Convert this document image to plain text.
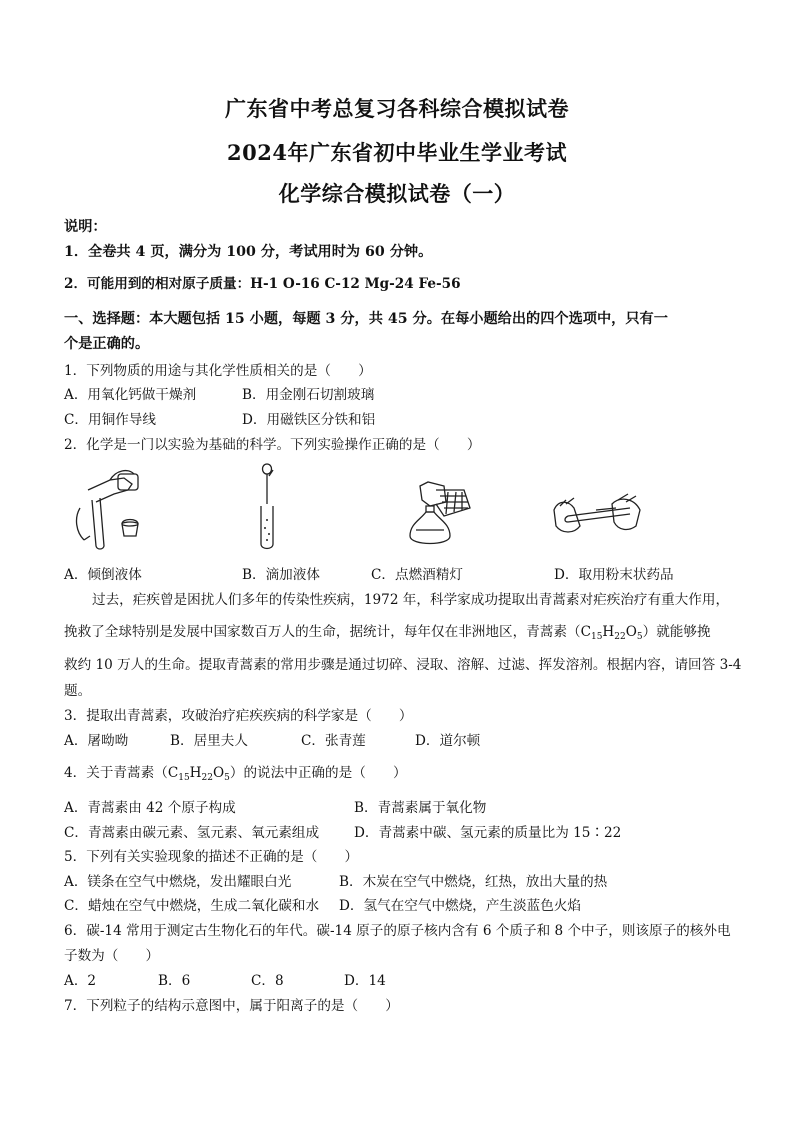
广东省中考总复习各科综合模拟试卷
2024年广东省初中毕业生学业考试
化学综合模拟试卷（一）
说明：
1．全卷共 4 页，满分为 100 分，考试用时为 60 分钟。
2．可能用到的相对原子质量：H-1 O-16 C-12 Mg-24 Fe-56
一、选择题：本大题包括 15 小题，每题 3 分，共 45 分。在每小题给出的四个选项中，只有一
个是正确的。
1．下列物质的用途与其化学性质相关的是（　　）
A．用氧化钙做干燥剂	B．用金刚石切割玻璃
C．用铜作导线	D．用磁铁区分铁和铝
2．化学是一门以实验为基础的科学。下列实验操作正确的是（　　）
A．倾倒液体	B．滴加液体	C．点燃酒精灯	D．取用粉末状药品
过去，疟疾曾是困扰人们多年的传染性疾病，1972 年，科学家成功提取出青蒿素对疟疾治疗有重大作用，
挽救了全球特别是发展中国家数百万人的生命，据统计，每年仅在非洲地区，青蒿素$(C_{15}H_{22}O_5)$就能够挽
救约 10 万人的生命。提取青蒿素的常用步骤是通过切碎、浸取、溶解、过滤、挥发溶剂。根据内容，请回答 3-4
题。
3．提取出青蒿素，攻破治疗疟疾疾病的科学家是（　　）
A．屠呦呦	B．居里夫人	C．张青莲	D．道尔顿
4．关于青蒿素$(C_{15}H_{22}O_5)$的说法中正确的是（　　）
A．青蒿素由 42 个原子构成	B．青蒿素属于氧化物
C．青蒿素由碳元素、氢元素、氧元素组成	D．青蒿素中碳、氢元素的质量比为 15∶22
5．下列有关实验现象的描述不正确的是（　　）
A．镁条在空气中燃烧，发出耀眼白光	B．木炭在空气中燃烧，红热，放出大量的热
C．蜡烛在空气中燃烧，生成二氧化碳和水 D．氢气在空气中燃烧，产生淡蓝色火焰
6．碳-14 常用于测定古生物化石的年代。碳-14 原子的原子核内含有 6 个质子和 8 个中子，则该原子的核外电
子数为（　　）
A．2	B．6	C．8	D．14
7．下列粒子的结构示意图中，属于阳离子的是（　　）
